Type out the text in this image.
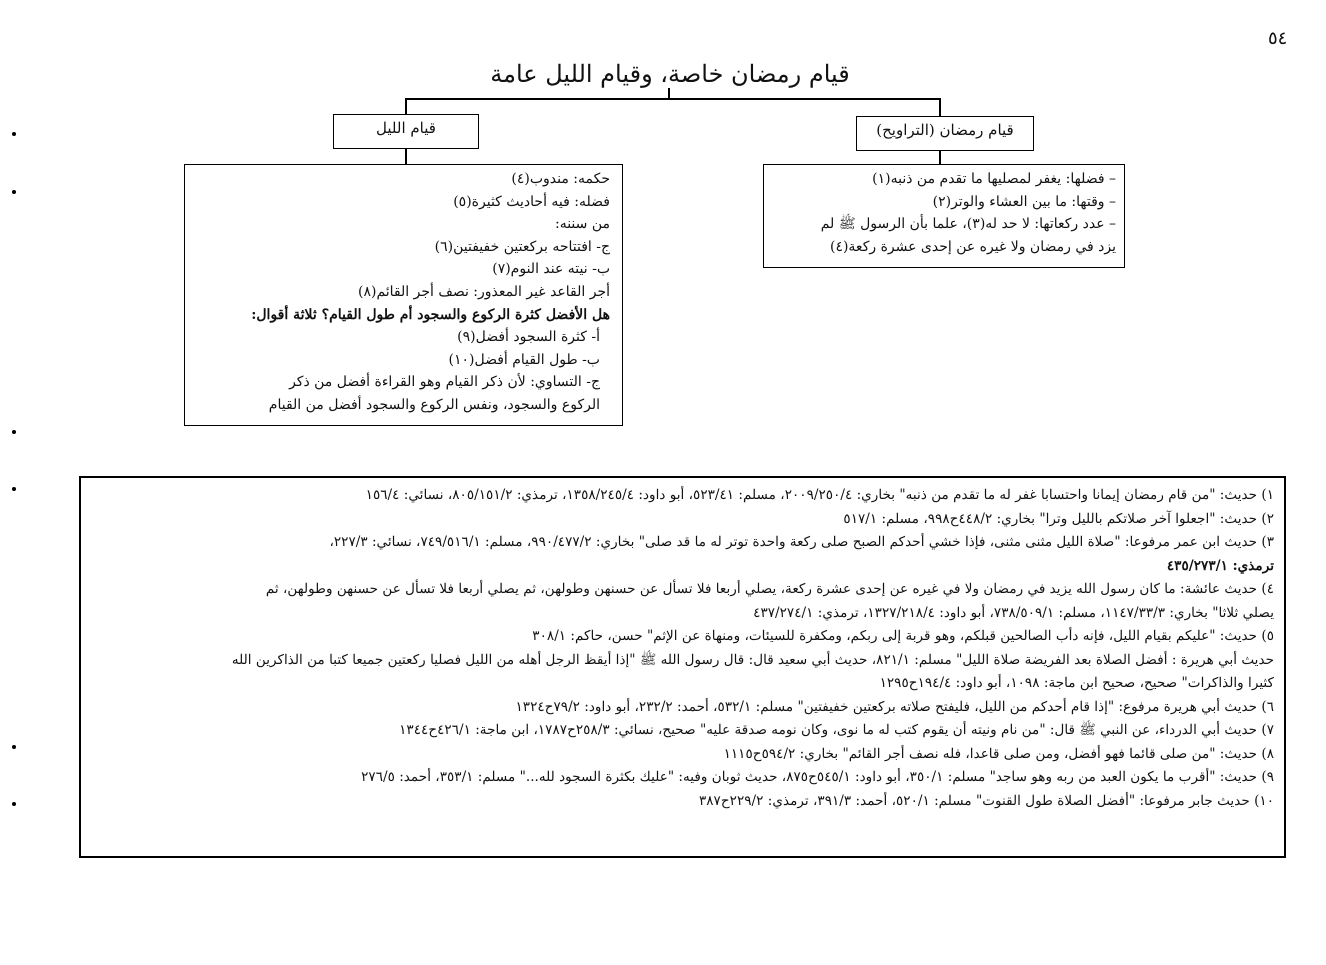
٥٤
قيام رمضان خاصة، وقيام الليل عامة
قيام الليل	قيام رمضان (التراويح)
حكمه: مندوب(٤)
فضله: فيه أحاديث كثيرة(٥)
من سننه:
ج- افتتاحه بركعتين خفيفتين(٦)
ب- نيته عند النوم(٧)
أجر القاعد غير المعذور: نصف أجر القائم(٨)
هل الأفضل كثرة الركوع والسجود أم طول القيام؟ ثلاثة أقوال:
أ- كثرة السجود أفضل(٩)
ب- طول القيام أفضل(١٠)
ج- التساوي: لأن ذكر القيام وهو القراءة أفضل من ذكر
الركوع والسجود، ونفس الركوع والسجود أفضل من القيام
– فضلها: يغفر لمصليها ما تقدم من ذنبه(١)
– وقتها: ما بين العشاء والوتر(٢)
– عدد ركعاتها: لا حد له(٣)، علما بأن الرسول ﷺ لم
يزد في رمضان ولا غيره عن إحدى عشرة ركعة(٤)
١) حديث: "من قام رمضان إيمانا واحتسابا غفر له ما تقدم من ذنبه" بخاري: ٢٠٠٩/٢٥٠/٤، مسلم: ٥٢٣/٤١، أبو داود: ١٣٥٨/٢٤٥/٤، ترمذي: ٨٠٥/١٥١/٢، نسائي: ١٥٦/٤
٢) حديث: "اجعلوا آخر صلاتكم بالليل وترا" بخاري: ٤٤٨/٢ح٩٩٨، مسلم: ٥١٧/١
٣) حديث ابن عمر مرفوعا: "صلاة الليل مثنى مثنى، فإذا خشي أحدكم الصبح صلى ركعة واحدة توتر له ما قد صلى" بخاري: ٩٩٠/٤٧٧/٢، مسلم: ٧٤٩/٥١٦/١، نسائي: ٢٢٧/٣،
ترمذي: ٤٣٥/٢٧٣/١
٤) حديث عائشة: ما كان رسول الله يزيد في رمضان ولا في غيره عن إحدى عشرة ركعة، يصلي أربعا فلا تسأل عن حسنهن وطولهن، ثم يصلي أربعا فلا تسأل عن حسنهن وطولهن، ثم
يصلي ثلاثا" بخاري: ١١٤٧/٣٣/٣، مسلم: ٧٣٨/٥٠٩/١، أبو داود: ١٣٢٧/٢١٨/٤، ترمذي: ٤٣٧/٢٧٤/١
٥) حديث: "عليكم بقيام الليل، فإنه دأب الصالحين قبلكم، وهو قربة إلى ربكم، ومكفرة للسيئات، ومنهاة عن الإثم" حسن، حاكم: ٣٠٨/١
حديث أبي هريرة : أفضل الصلاة بعد الفريضة صلاة الليل" مسلم: ٨٢١/١، حديث أبي سعيد قال: قال رسول الله ﷺ "إذا أيقظ الرجل أهله من الليل فصليا ركعتين جميعا كتبا من الذاكرين الله
كثيرا والذاكرات" صحيح، صحيح ابن ماجة: ١٠٩٨، أبو داود: ١٩٤/٤ح١٢٩٥
٦) حديث أبي هريرة مرفوع: "إذا قام أحدكم من الليل، فليفتح صلاته بركعتين خفيفتين" مسلم: ٥٣٢/١، أحمد: ٢٣٢/٢، أبو داود: ٧٩/٢ح١٣٢٤
٧) حديث أبي الدرداء، عن النبي ﷺ قال: "من نام ونيته أن يقوم كتب له ما نوى، وكان نومه صدقة عليه" صحيح، نسائي: ٢٥٨/٣ح١٧٨٧، ابن ماجة: ٤٢٦/١ح١٣٤٤
٨) حديث: "من صلى قائما فهو أفضل، ومن صلى قاعدا، فله نصف أجر القائم" بخاري: ٥٩٤/٢ح١١١٥
٩) حديث: "أقرب ما يكون العبد من ربه وهو ساجد" مسلم: ٣٥٠/١، أبو داود: ٥٤٥/١ح٨٧٥، حديث ثوبان وفيه: "عليك بكثرة السجود لله..." مسلم: ٣٥٣/١، أحمد: ٢٧٦/٥
١٠) حديث جابر مرفوعا: "أفضل الصلاة طول القنوت" مسلم: ٥٢٠/١، أحمد: ٣٩١/٣، ترمذي: ٢٢٩/٢ح٣٨٧
